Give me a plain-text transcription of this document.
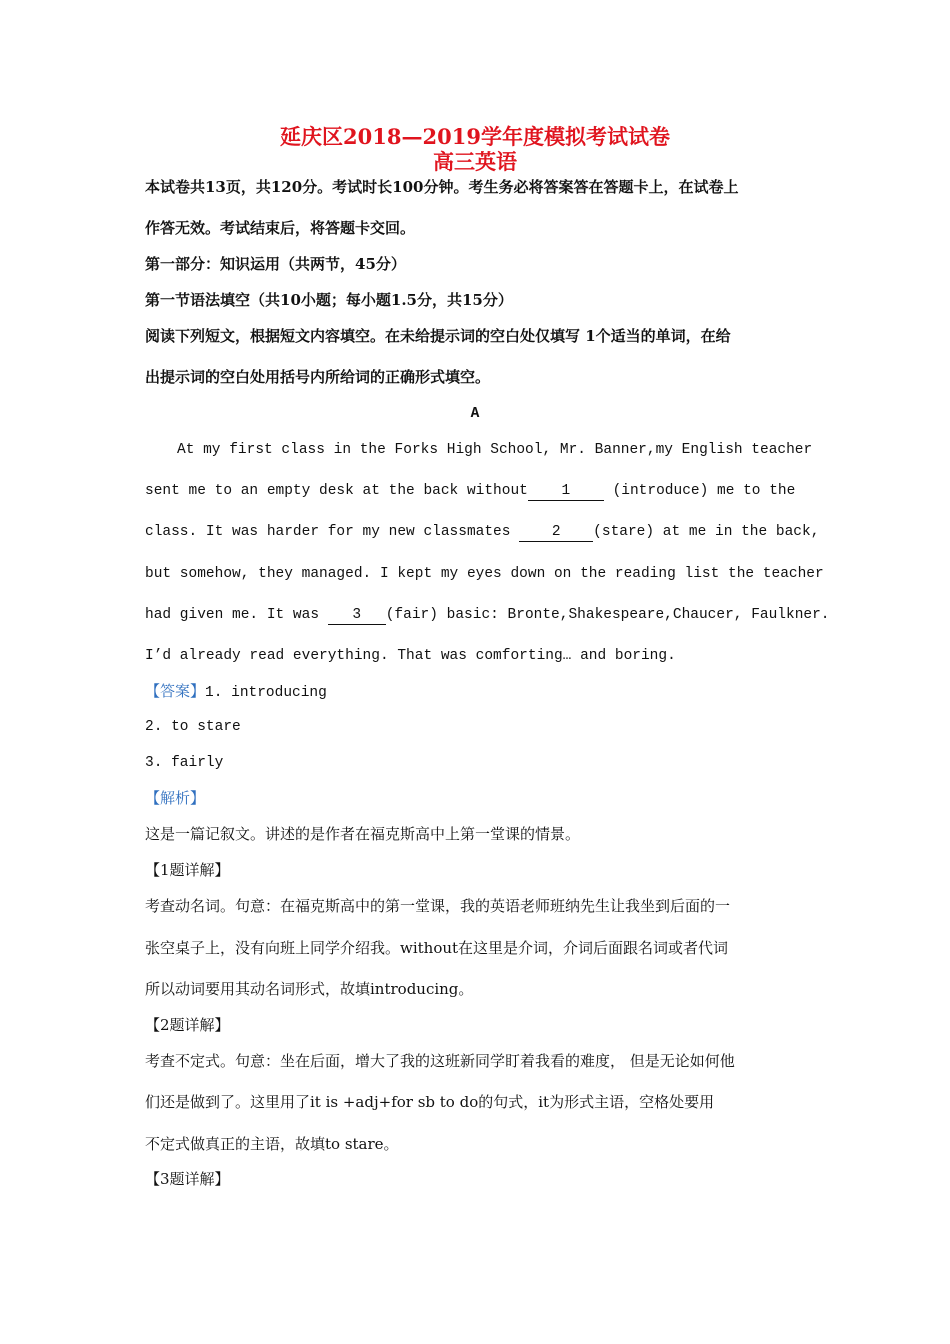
延庆区2018—2019学年度模拟考试试卷
高三英语
本试卷共13页，共120分。考试时长100分钟。考生务必将答案答在答题卡上，在试卷上
作答无效。考试结束后，将答题卡交回。
第一部分：知识运用（共两节，45分）
第一节语法填空（共10小题；每小题1.5分，共15分）
阅读下列短文，根据短文内容填空。在未给提示词的空白处仅填写 1个适当的单词，在给
出提示词的空白处用括号内所给词的正确形式填空。
A
At my first class in the Forks High School, Mr. Banner,my English teacher
sent me to an empty desk at the back without 1 (introduce) me to the
class. It was harder for my new classmates 2 (stare) at me in the back,
but somehow, they managed. I kept my eyes down on the reading list the teacher
had given me. It was 3 (fair) basic: Bronte,Shakespeare,Chaucer, Faulkner.
I’d already read everything. That was comforting… and boring.
【答案】1. introducing
2. to stare
3. fairly
【解析】
这是一篇记叙文。讲述的是作者在福克斯高中上第一堂课的情景。
【1题详解】
考查动名词。句意：在福克斯高中的第一堂课，我的英语老师班纳先生让我坐到后面的一
张空桌子上，没有向班上同学介绍我。without在这里是介词，介词后面跟名词或者代词
所以动词要用其动名词形式，故填introducing。
【2题详解】
考查不定式。句意：坐在后面，增大了我的这班新同学盯着我看的难度， 但是无论如何他
们还是做到了。这里用了it is +adj+for sb to do的句式，it为形式主语，空格处要用
不定式做真正的主语，故填to stare。
【3题详解】
